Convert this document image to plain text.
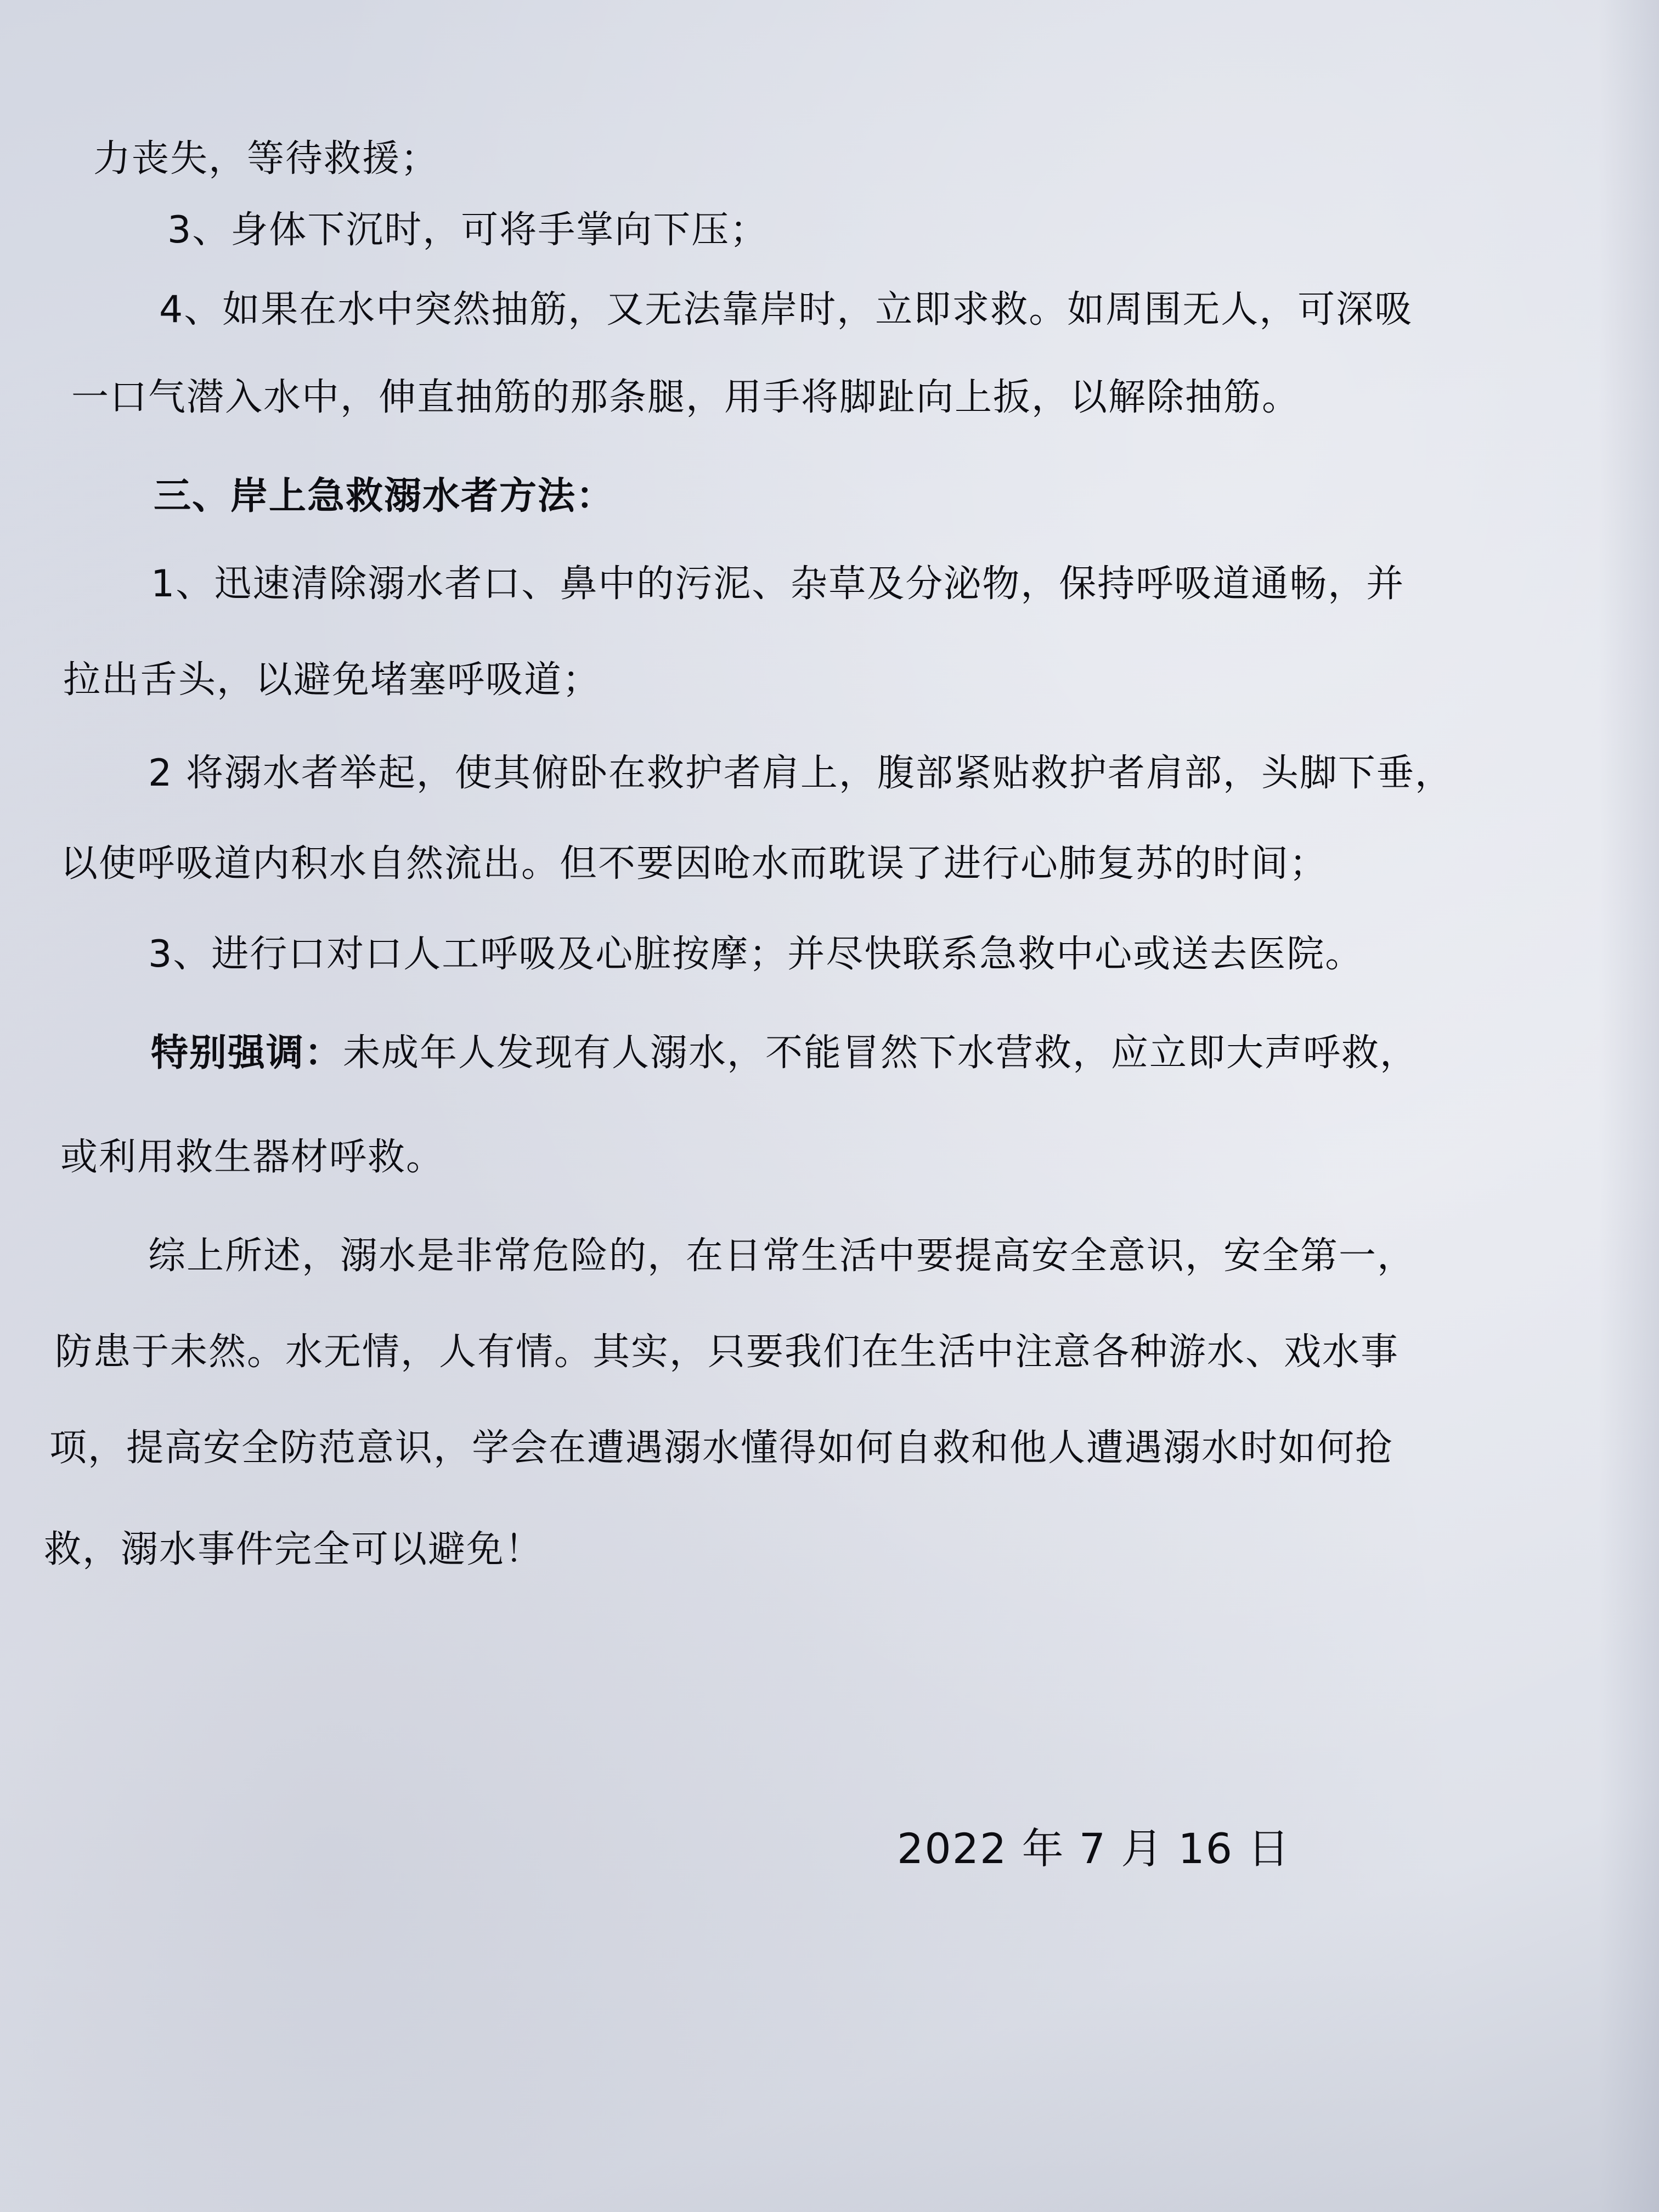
力丧失，等待救援；
3、身体下沉时，可将手掌向下压；
4、如果在水中突然抽筋，又无法靠岸时，立即求救。如周围无人，可深吸
一口气潜入水中，伸直抽筋的那条腿，用手将脚趾向上扳，以解除抽筋。
三、岸上急救溺水者方法：
1、迅速清除溺水者口、鼻中的污泥、杂草及分泌物，保持呼吸道通畅，并
拉出舌头，以避免堵塞呼吸道；
2 将溺水者举起，使其俯卧在救护者肩上，腹部紧贴救护者肩部，头脚下垂，
以使呼吸道内积水自然流出。但不要因呛水而耽误了进行心肺复苏的时间；
3、进行口对口人工呼吸及心脏按摩；并尽快联系急救中心或送去医院。
特别强调：未成年人发现有人溺水，不能冒然下水营救，应立即大声呼救，
或利用救生器材呼救。
综上所述，溺水是非常危险的，在日常生活中要提高安全意识，安全第一，
防患于未然。水无情，人有情。其实，只要我们在生活中注意各种游水、戏水事
项，提高安全防范意识，学会在遭遇溺水懂得如何自救和他人遭遇溺水时如何抢
救，溺水事件完全可以避免！
2022 年 7 月 16 日
